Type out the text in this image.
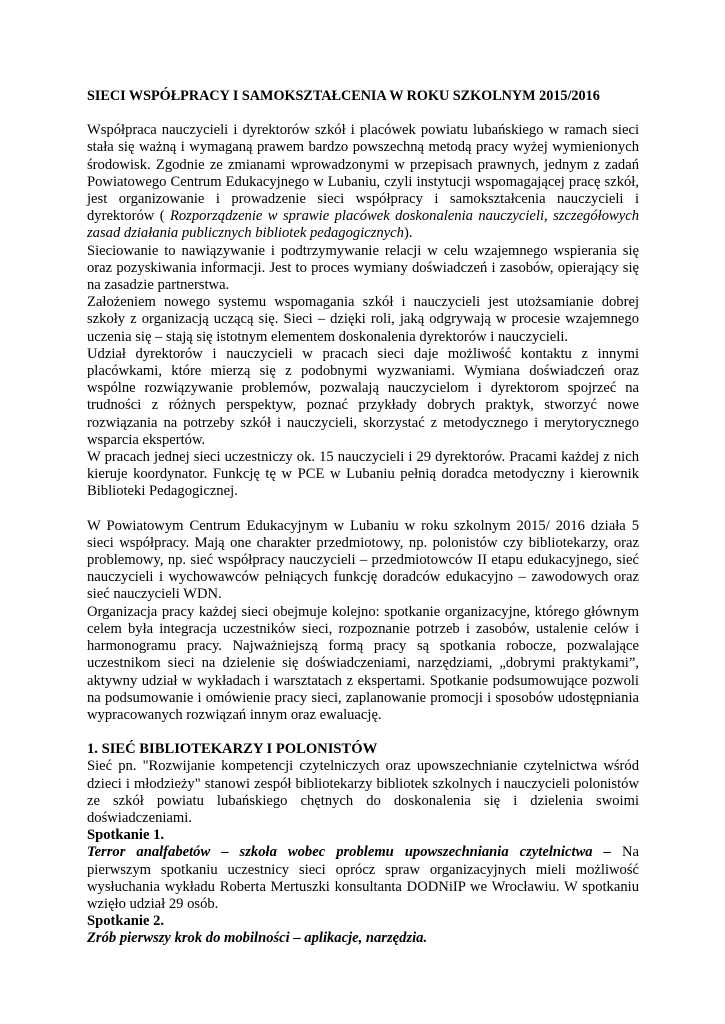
SIECI WSPÓŁPRACY I SAMOKSZTAŁCENIA W ROKU SZKOLNYM 2015/2016

Współpraca nauczycieli i dyrektorów szkół i placówek powiatu lubańskiego w ramach sieci stała się ważną i wymaganą prawem bardzo powszechną metodą pracy wyżej wymienionych środowisk. Zgodnie ze zmianami wprowadzonymi w przepisach prawnych, jednym z zadań Powiatowego Centrum Edukacyjnego w Lubaniu, czyli instytucji wspomagającej pracę szkół, jest organizowanie i prowadzenie sieci współpracy i samokształcenia nauczycieli i dyrektorów ( Rozporządzenie w sprawie placówek doskonalenia nauczycieli, szczegółowych zasad działania publicznych bibliotek pedagogicznych).

Sieciowanie to nawiązywanie i podtrzymywanie relacji w celu wzajemnego wspierania się oraz pozyskiwania informacji. Jest to proces wymiany doświadczeń i zasobów, opierający się na zasadzie partnerstwa.

Założeniem nowego systemu wspomagania szkół i nauczycieli jest utożsamianie dobrej szkoły z organizacją uczącą się. Sieci – dzięki roli, jaką odgrywają w procesie wzajemnego uczenia się – stają się istotnym elementem doskonalenia dyrektorów i nauczycieli.

Udział dyrektorów i nauczycieli w pracach sieci daje możliwość kontaktu z innymi placówkami, które mierzą się z podobnymi wyzwaniami. Wymiana doświadczeń oraz wspólne rozwiązywanie problemów, pozwalają nauczycielom i dyrektorom spojrzeć na trudności z różnych perspektyw, poznać przykłady dobrych praktyk, stworzyć nowe rozwiązania na potrzeby szkół i nauczycieli, skorzystać z metodycznego i merytorycznego wsparcia ekspertów.

W pracach jednej sieci uczestniczy ok. 15 nauczycieli i 29 dyrektorów. Pracami każdej z nich kieruje koordynator. Funkcję tę w PCE w Lubaniu pełnią doradca metodyczny i kierownik Biblioteki Pedagogicznej.

W Powiatowym Centrum Edukacyjnym w Lubaniu w roku szkolnym 2015/ 2016 działa 5 sieci współpracy. Mają one charakter przedmiotowy, np. polonistów czy bibliotekarzy, oraz problemowy, np. sieć współpracy nauczycieli – przedmiotowców II etapu edukacyjnego, sieć nauczycieli i wychowawców pełniących funkcję doradców edukacyjno – zawodowych oraz sieć nauczycieli WDN.

Organizacja pracy każdej sieci obejmuje kolejno: spotkanie organizacyjne, którego głównym celem była integracja uczestników sieci, rozpoznanie potrzeb i zasobów, ustalenie celów i harmonogramu pracy. Najważniejszą formą pracy są spotkania robocze, pozwalające uczestnikom sieci na dzielenie się doświadczeniami, narzędziami, „dobrymi praktykami”, aktywny udział w wykładach i warsztatach z ekspertami. Spotkanie podsumowujące pozwoli na podsumowanie i omówienie pracy sieci, zaplanowanie promocji i sposobów udostępniania wypracowanych rozwiązań innym oraz ewaluację.

1. SIEĆ BIBLIOTEKARZY I POLONISTÓW

Sieć pn. "Rozwijanie kompetencji czytelniczych oraz upowszechnianie czytelnictwa wśród dzieci i młodzieży" stanowi zespół bibliotekarzy bibliotek szkolnych i nauczycieli polonistów ze szkół powiatu lubańskiego chętnych do doskonalenia się i dzielenia swoimi doświadczeniami.

Spotkanie 1.

Terror analfabetów – szkoła wobec problemu upowszechniania czytelnictwa – Na pierwszym spotkaniu uczestnicy sieci oprócz spraw organizacyjnych mieli możliwość wysłuchania wykładu Roberta Mertuszki konsultanta DODNiIP we Wrocławiu. W spotkaniu wzięło udział 29 osób.

Spotkanie 2.

Zrób pierwszy krok do mobilności – aplikacje, narzędzia.
